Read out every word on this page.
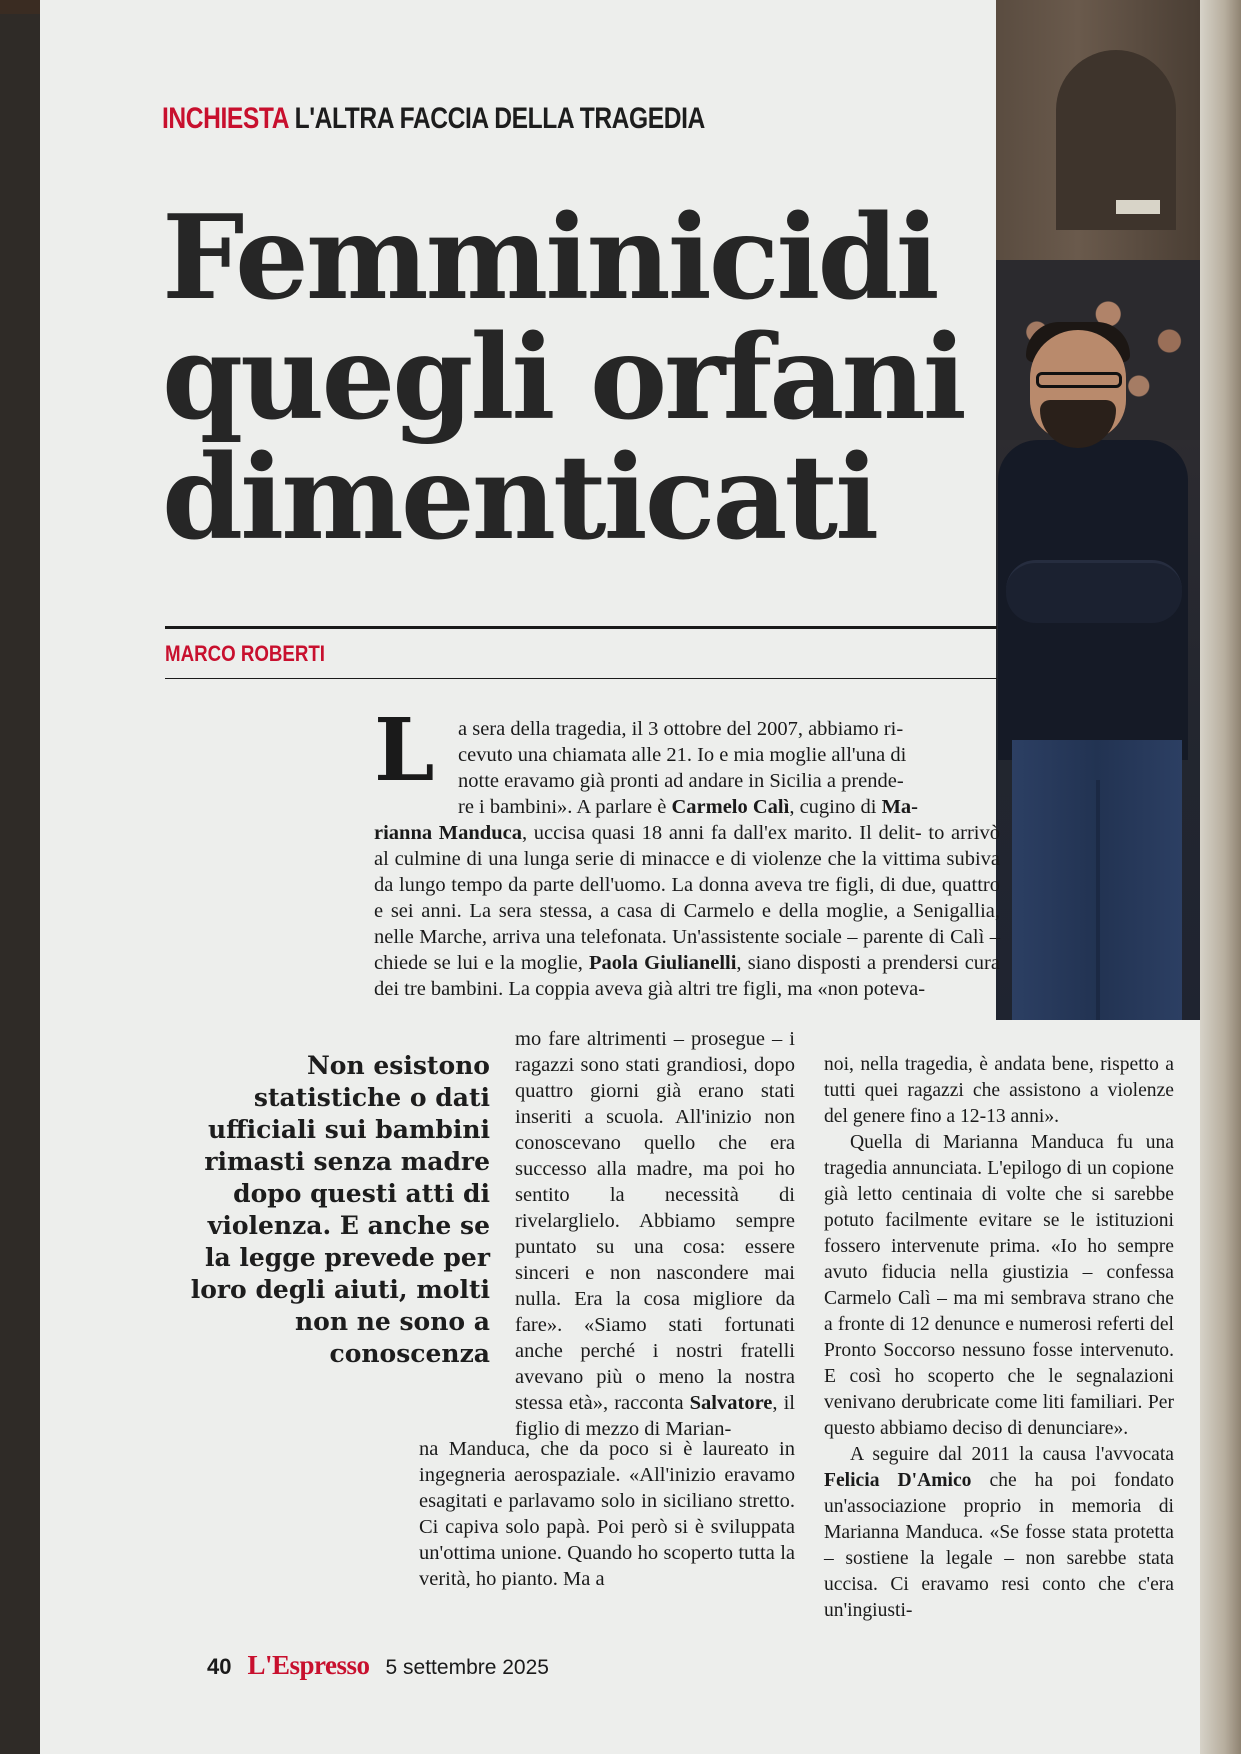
INCHIESTA L'ALTRA FACCIA DELLA TRAGEDIA
Femminicidi
quegli orfani
dimenticati

MARCO ROBERTI

L	a sera della tragedia, il 3 ottobre del 2007, abbiamo ri-
cevuto una chiamata alle 21. Io e mia moglie all'una di
notte eravamo già pronti ad andare in Sicilia a prende-
re i bambini». A parlare è Carmelo Calì, cugino di Ma-
rianna Manduca, uccisa quasi 18 anni fa dall'ex marito. Il delit- to arrivò al culmine di una lunga serie di minacce e di violenze che la vittima subiva da lungo tempo da parte dell'uomo. La donna aveva tre figli, di due, quattro e sei anni. La sera stessa, a casa di Carmelo e della moglie, a Senigallia, nelle Marche, arriva una telefonata. Un'assistente sociale – parente di Calì – chiede se lui e la moglie, Paola Giulianelli, siano disposti a prendersi cura dei tre bambini. La coppia aveva già altri tre figli, ma «non poteva-

Non esistono statistiche o dati ufficiali sui bambini rimasti senza madre dopo questi atti di violenza. E anche se la legge prevede per loro degli aiuti, molti non ne sono a conoscenza

mo fare altrimenti – prosegue – i ragazzi sono stati grandiosi, dopo quattro giorni già erano stati inseriti a scuola. All'inizio non conoscevano quello che era successo alla madre, ma poi ho sentito la necessità di rivelarglielo. Abbiamo sempre puntato su una cosa: essere sinceri e non nascondere mai nulla. Era la cosa migliore da fare». «Siamo stati fortunati anche perché i nostri fratelli avevano più o meno la nostra stessa età», racconta Salvatore, il figlio di mezzo di Marian-

na Manduca, che da poco si è laureato in ingegneria aerospaziale. «All'inizio eravamo esagitati e parlavamo solo in siciliano stretto. Ci capiva solo papà. Poi però si è sviluppata un'ottima unione. Quando ho scoperto tutta la verità, ho pianto. Ma a

noi, nella tragedia, è andata bene, rispetto a tutti quei ragazzi che assistono a violenze del genere fino a 12-13 anni».

Quella di Marianna Manduca fu una tragedia annunciata. L'epilogo di un copione già letto centinaia di volte che si sarebbe potuto facilmente evitare se le istituzioni fossero intervenute prima. «Io ho sempre avuto fiducia nella giustizia – confessa Carmelo Calì – ma mi sembrava strano che a fronte di 12 denunce e numerosi referti del Pronto Soccorso nessuno fosse intervenuto. E così ho scoperto che le segnalazioni venivano derubricate come liti familiari. Per questo abbiamo deciso di denunciare».

A seguire dal 2011 la causa l'avvocata Felicia D'Amico che ha poi fondato un'associazione proprio in memoria di Marianna Manduca. «Se fosse stata protetta – sostiene la legale – non sarebbe stata uccisa. Ci eravamo resi conto che c'era un'ingiusti-

40 L'Espresso 5 settembre 2025
